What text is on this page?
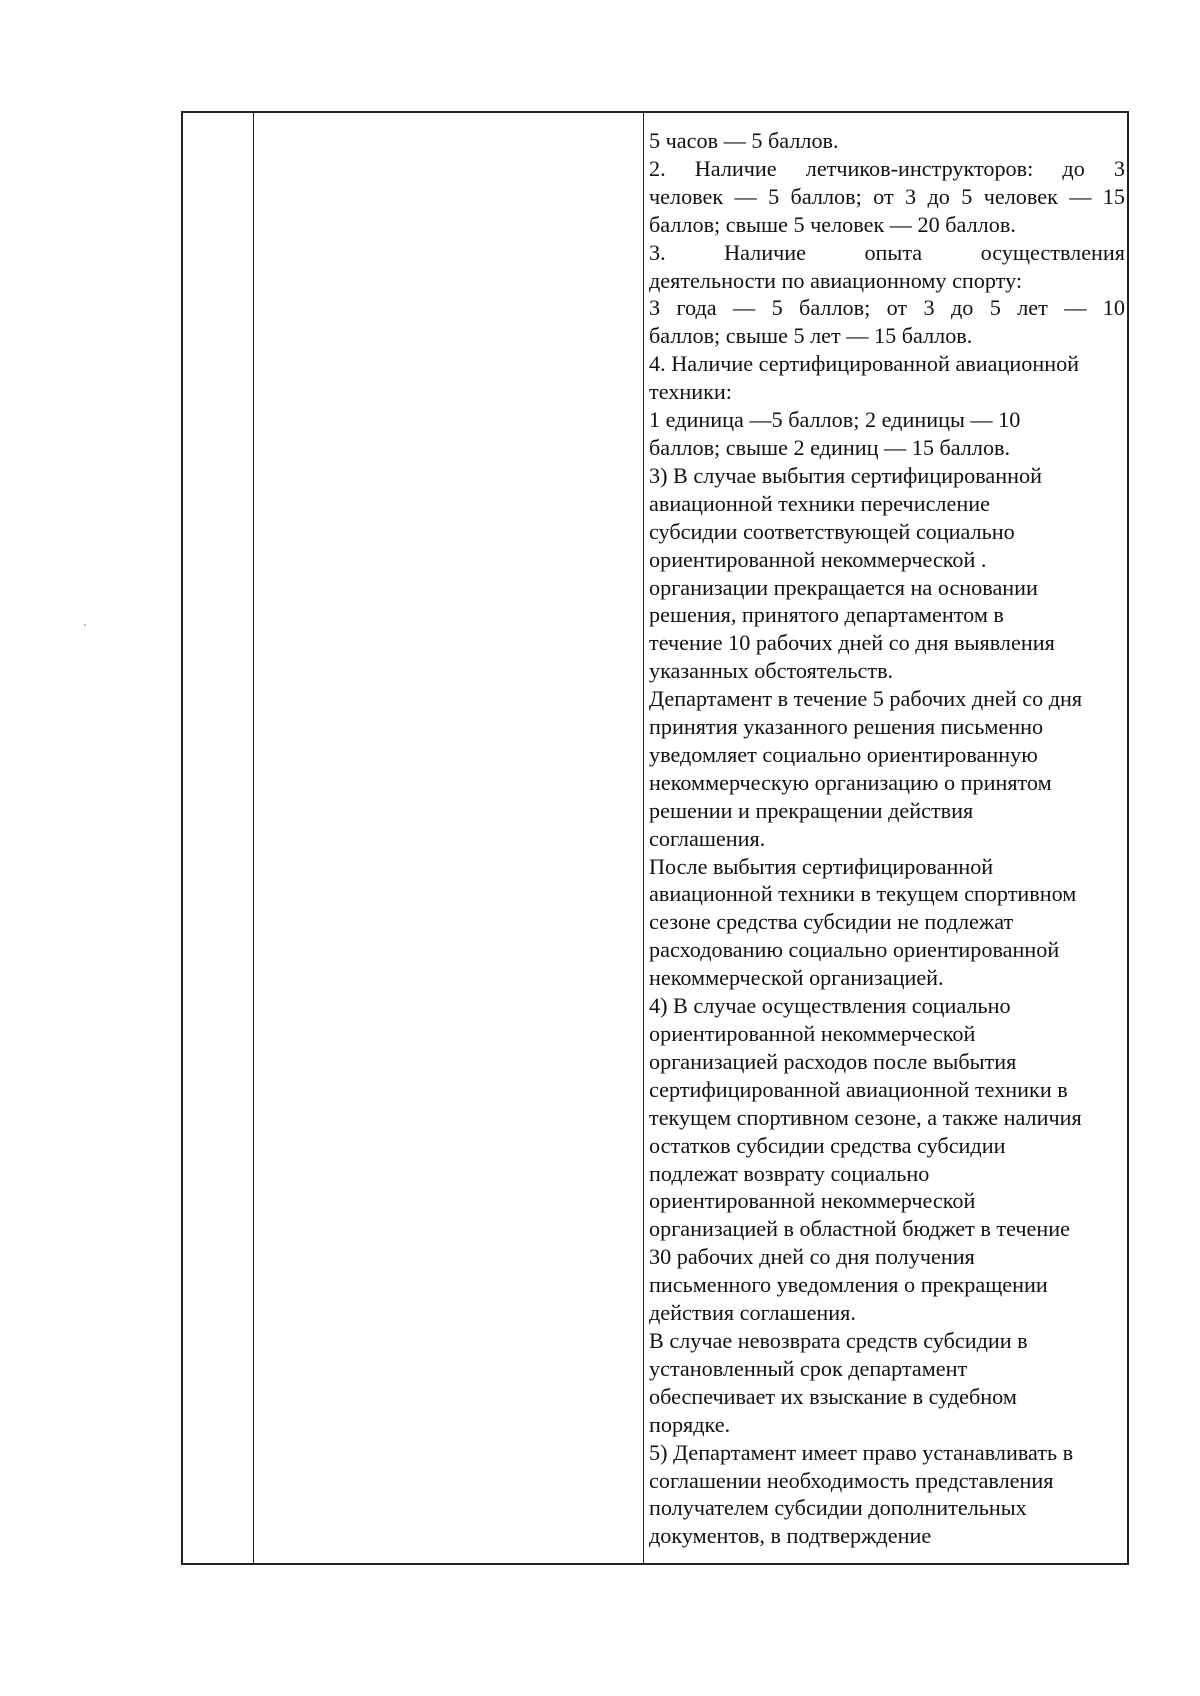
5 часов — 5 баллов.

2. Наличие летчиков-инструкторов: до 3

человек — 5 баллов; от 3 до 5 человек — 15

баллов; свыше 5 человек — 20 баллов.

3. Наличие опыта осуществления

деятельности по авиационному спорту:

3 года — 5 баллов; от 3 до 5 лет — 10

баллов; свыше 5 лет — 15 баллов.

4. Наличие сертифицированной авиационной

техники:

1 единица —5 баллов; 2 единицы — 10

баллов; свыше 2 единиц — 15 баллов.

3) В случае выбытия сертифицированной

авиационной техники перечисление

субсидии соответствующей социально

ориентированной некоммерческой .

организации прекращается на основании

решения, принятого департаментом в

течение 10 рабочих дней со дня выявления

указанных обстоятельств.

Департамент в течение 5 рабочих дней со дня

принятия указанного решения письменно

уведомляет социально ориентированную

некоммерческую организацию о принятом

решении и прекращении действия

соглашения.

После выбытия сертифицированной

авиационной техники в текущем спортивном

сезоне средства субсидии не подлежат

расходованию социально ориентированной

некоммерческой организацией.

4) В случае осуществления социально

ориентированной некоммерческой

организацией расходов после выбытия

сертифицированной авиационной техники в

текущем спортивном сезоне, а также наличия

остатков субсидии средства субсидии

подлежат возврату социально

ориентированной некоммерческой

организацией в областной бюджет в течение

30 рабочих дней со дня получения

письменного уведомления о прекращении

действия соглашения.

В случае невозврата средств субсидии в

установленный срок департамент

обеспечивает их взыскание в судебном

порядке.

5) Департамент имеет право устанавливать в

соглашении необходимость представления

получателем субсидии дополнительных

документов, в подтверждение
